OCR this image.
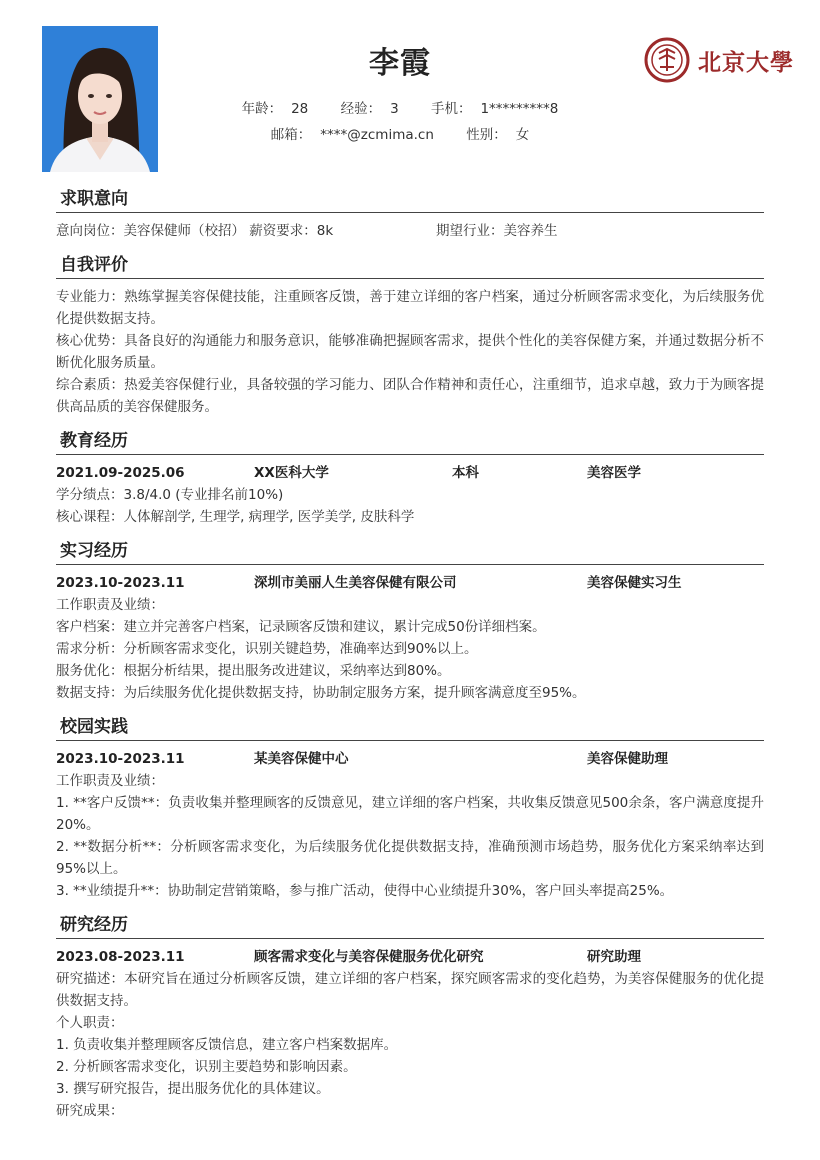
李霞
年龄： 28 经验： 3 手机： 1*********8
邮箱： ****@zcmima.cn 性别： 女
北京大學
求职意向
意向岗位：美容保健师（校招） 薪资要求：8k	期望行业：美容养生
自我评价
专业能力：熟练掌握美容保健技能，注重顾客反馈，善于建立详细的客户档案，通过分析顾客需求变化，为后续服务优化提供数据支持。
核心优势：具备良好的沟通能力和服务意识，能够准确把握顾客需求，提供个性化的美容保健方案，并通过数据分析不断优化服务质量。
综合素质：热爱美容保健行业，具备较强的学习能力、团队合作精神和责任心，注重细节，追求卓越，致力于为顾客提供高品质的美容保健服务。
教育经历
2021.09-2025.06	XX医科大学	本科	美容医学
学分绩点：3.8/4.0 (专业排名前10%)
核心课程：人体解剖学, 生理学, 病理学, 医学美学, 皮肤科学
实习经历
2023.10-2023.11	深圳市美丽人生美容保健有限公司	美容保健实习生
工作职责及业绩：
客户档案：建立并完善客户档案，记录顾客反馈和建议，累计完成50份详细档案。
需求分析：分析顾客需求变化，识别关键趋势，准确率达到90%以上。
服务优化：根据分析结果，提出服务改进建议，采纳率达到80%。
数据支持：为后续服务优化提供数据支持，协助制定服务方案，提升顾客满意度至95%。
校园实践
2023.10-2023.11	某美容保健中心	美容保健助理
工作职责及业绩：
1. **客户反馈**：负责收集并整理顾客的反馈意见，建立详细的客户档案，共收集反馈意见500余条，客户满意度提升20%。
2. **数据分析**：分析顾客需求变化，为后续服务优化提供数据支持，准确预测市场趋势，服务优化方案采纳率达到95%以上。
3. **业绩提升**：协助制定营销策略，参与推广活动，使得中心业绩提升30%，客户回头率提高25%。
研究经历
2023.08-2023.11	顾客需求变化与美容保健服务优化研究	研究助理
研究描述：本研究旨在通过分析顾客反馈，建立详细的客户档案，探究顾客需求的变化趋势，为美容保健服务的优化提供数据支持。
个人职责：
1. 负责收集并整理顾客反馈信息，建立客户档案数据库。
2. 分析顾客需求变化，识别主要趋势和影响因素。
3. 撰写研究报告，提出服务优化的具体建议。
研究成果：
